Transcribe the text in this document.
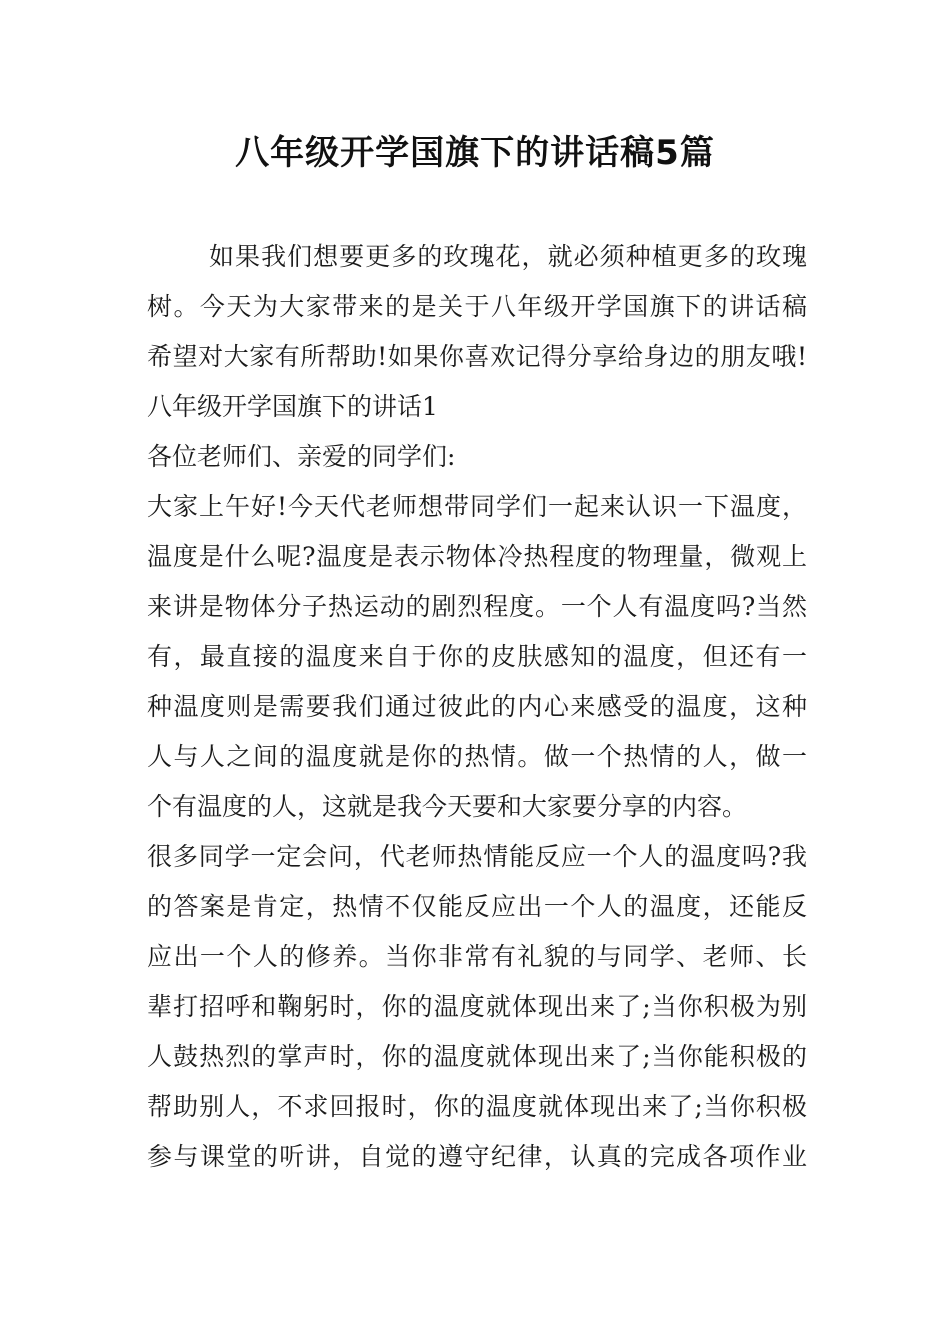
八年级开学国旗下的讲话稿5篇
如果我们想要更多的玫瑰花，就必须种植更多的玫瑰
树。今天为大家带来的是关于八年级开学国旗下的讲话稿
希望对大家有所帮助!如果你喜欢记得分享给身边的朋友哦!
八年级开学国旗下的讲话1
各位老师们、亲爱的同学们:
大家上午好!今天代老师想带同学们一起来认识一下温度，
温度是什么呢?温度是表示物体冷热程度的物理量，微观上
来讲是物体分子热运动的剧烈程度。一个人有温度吗?当然
有，最直接的温度来自于你的皮肤感知的温度，但还有一
种温度则是需要我们通过彼此的内心来感受的温度，这种
人与人之间的温度就是你的热情。做一个热情的人，做一
个有温度的人，这就是我今天要和大家要分享的内容。
很多同学一定会问，代老师热情能反应一个人的温度吗?我
的答案是肯定，热情不仅能反应出一个人的温度，还能反
应出一个人的修养。当你非常有礼貌的与同学、老师、长
辈打招呼和鞠躬时，你的温度就体现出来了;当你积极为别
人鼓热烈的掌声时，你的温度就体现出来了;当你能积极的
帮助别人，不求回报时，你的温度就体现出来了;当你积极
参与课堂的听讲，自觉的遵守纪律，认真的完成各项作业
